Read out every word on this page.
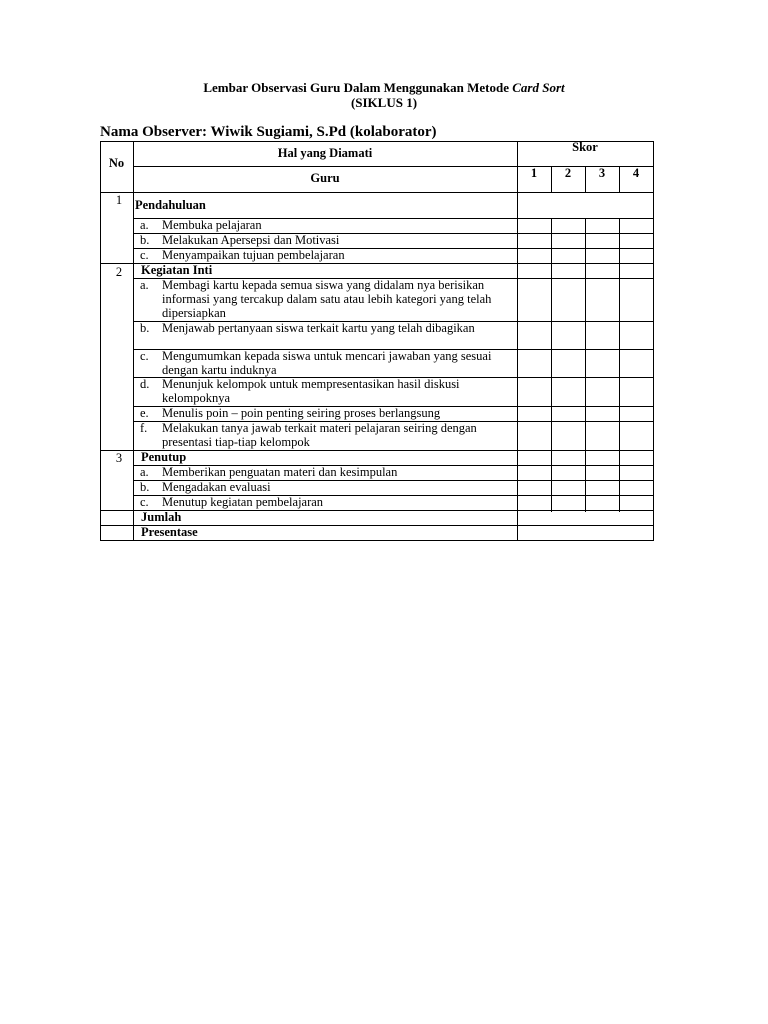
Lembar Observasi Guru Dalam Menggunakan Metode Card Sort
(SIKLUS 1)
Nama Observer: Wiwik Sugiami, S.Pd (kolaborator)
No
Hal yang Diamati
Guru
Skor
1	2	3	4
1	Pendahuluan
a. Membuka pelajaran
b. Melakukan Apersepsi dan Motivasi
c. Menyampaikan tujuan pembelajaran
2	Kegiatan Inti
a. Membagi kartu kepada semua siswa yang didalam nya berisikan informasi yang tercakup dalam satu atau lebih kategori yang telah dipersiapkan
b. Menjawab pertanyaan siswa terkait kartu yang telah dibagikan
c. Mengumumkan kepada siswa untuk mencari jawaban yang sesuai dengan kartu induknya
d. Menunjuk kelompok untuk mempresentasikan hasil diskusi kelompoknya
e. Menulis poin – poin penting seiring proses berlangsung
f. Melakukan tanya jawab terkait materi pelajaran seiring dengan presentasi tiap-tiap kelompok
3	Penutup
a. Memberikan penguatan materi dan kesimpulan
b. Mengadakan evaluasi
c. Menutup kegiatan pembelajaran
Jumlah
Presentase
